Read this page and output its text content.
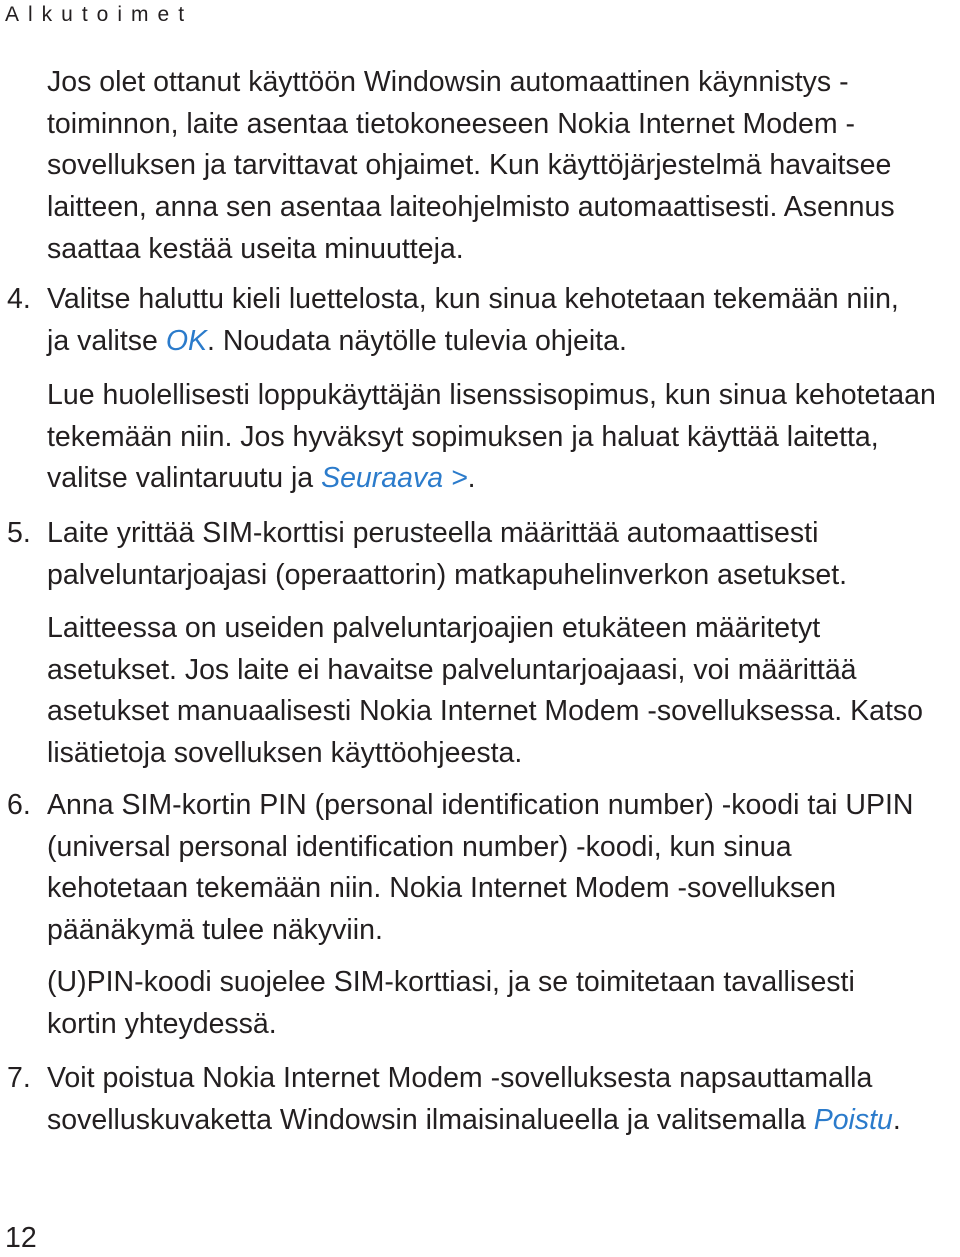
Alkutoimet
Jos olet ottanut käyttöön Windowsin automaattinen käynnistys -
toiminnon, laite asentaa tietokoneeseen Nokia Internet Modem -
sovelluksen ja tarvittavat ohjaimet. Kun käyttöjärjestelmä havaitsee
laitteen, anna sen asentaa laiteohjelmisto automaattisesti. Asennus
saattaa kestää useita minuutteja.
4. Valitse haluttu kieli luettelosta, kun sinua kehotetaan tekemään niin,
ja valitse OK. Noudata näytölle tulevia ohjeita.
Lue huolellisesti loppukäyttäjän lisenssisopimus, kun sinua kehotetaan
tekemään niin. Jos hyväksyt sopimuksen ja haluat käyttää laitetta,
valitse valintaruutu ja Seuraava >.
5. Laite yrittää SIM-korttisi perusteella määrittää automaattisesti
palveluntarjoajasi (operaattorin) matkapuhelinverkon asetukset.
Laitteessa on useiden palveluntarjoajien etukäteen määritetyt
asetukset. Jos laite ei havaitse palveluntarjoajaasi, voi määrittää
asetukset manuaalisesti Nokia Internet Modem -sovelluksessa. Katso
lisätietoja sovelluksen käyttöohjeesta.
6. Anna SIM-kortin PIN (personal identification number) -koodi tai UPIN
(universal personal identification number) -koodi, kun sinua
kehotetaan tekemään niin. Nokia Internet Modem -sovelluksen
päänäkymä tulee näkyviin.
(U)PIN-koodi suojelee SIM-korttiasi, ja se toimitetaan tavallisesti
kortin yhteydessä.
7. Voit poistua Nokia Internet Modem -sovelluksesta napsauttamalla
sovelluskuvaketta Windowsin ilmaisinalueella ja valitsemalla Poistu.
12
